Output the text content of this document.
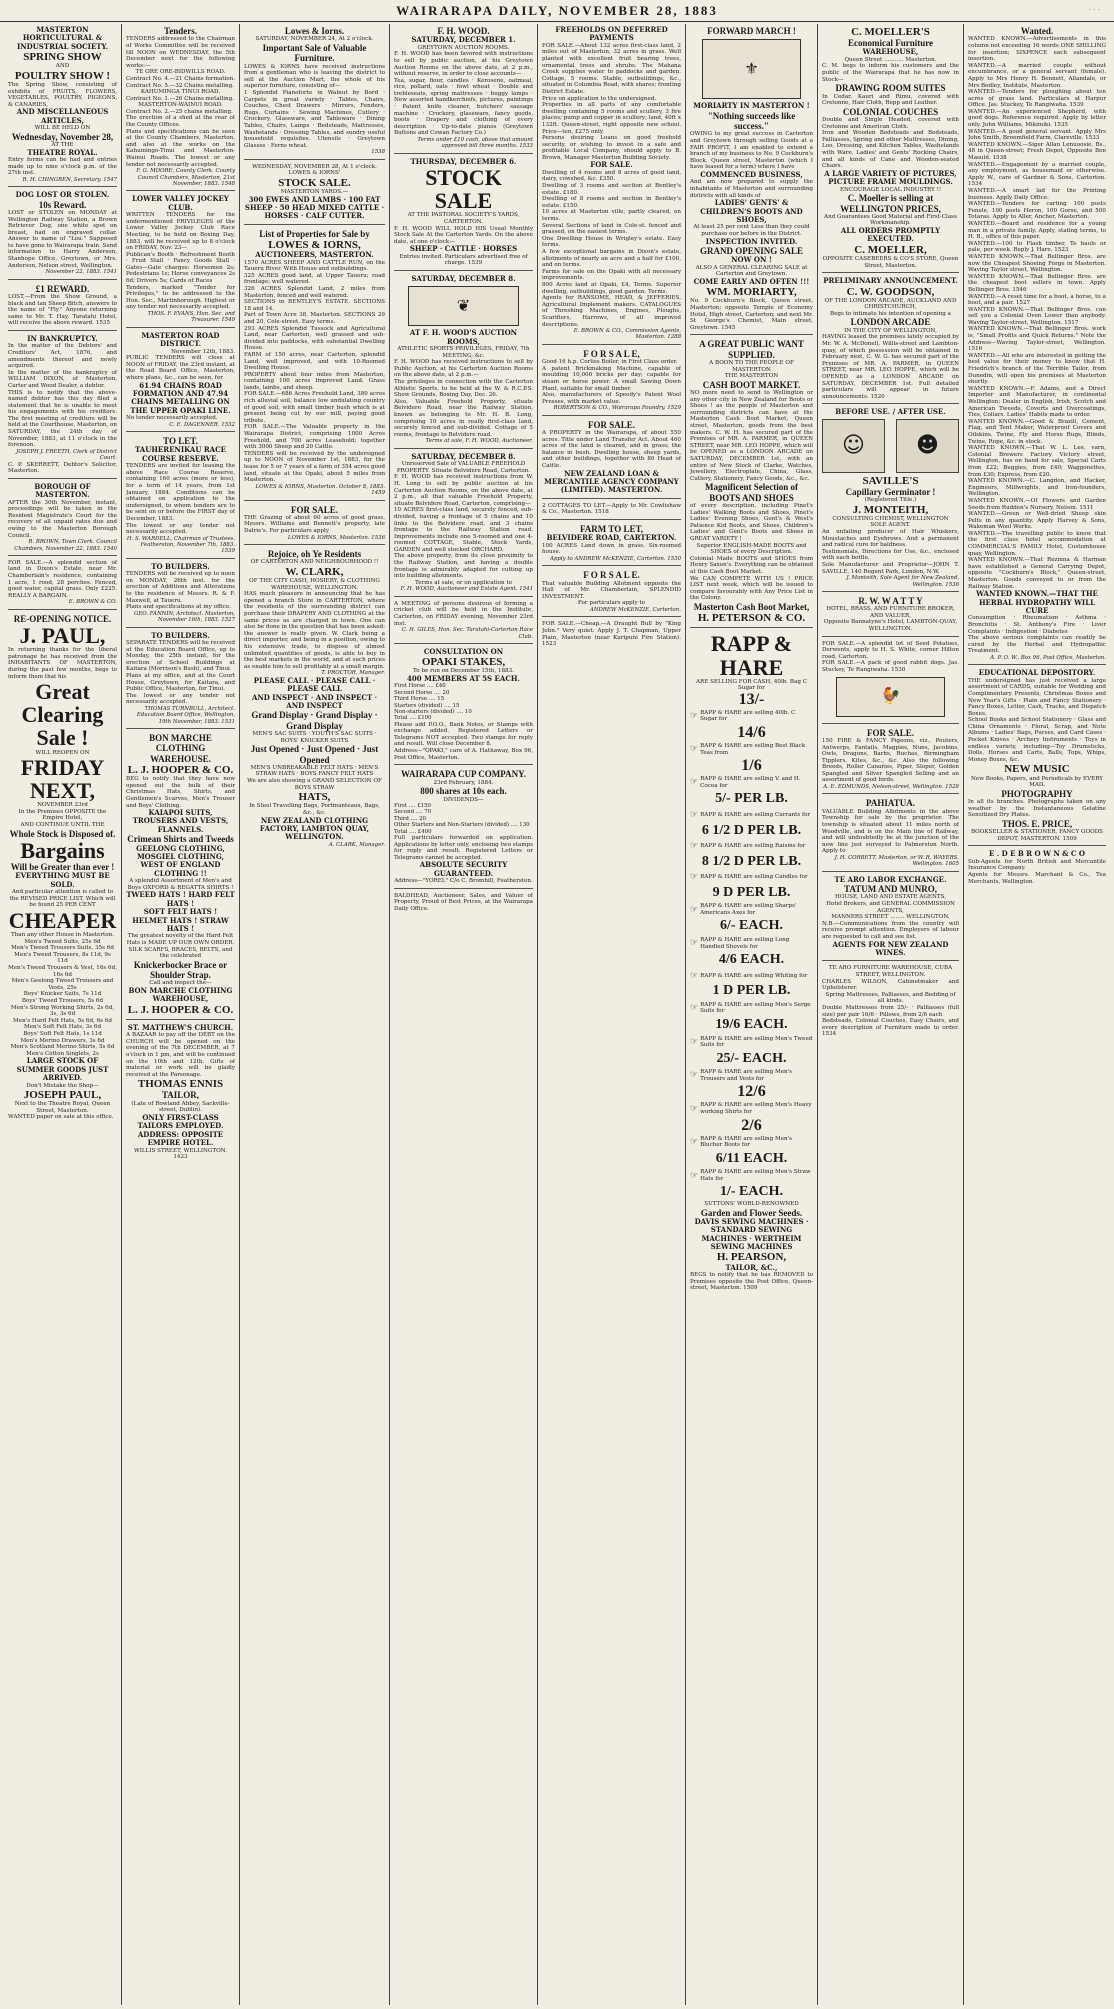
WAIRARAPA DAILY, NOVEMBER 28, 1883	· · ·
MASTERTON HORTICULTURAL & INDUSTRIAL SOCIETY.
SPRING SHOW
AND
POULTRY SHOW !
The Spring Show, consisting of exhibits of FRUITS, FLOWERS, VEGETABLES, POULTRY, PIGEONS, & CANARIES,
AND MISCELLANEOUS ARTICLES,
WILL BE HELD ON
Wednesday, November 28,
AT THE
THEATRE ROYAL.
Entry forms can be had and entries made up to nine o'clock p.m. of the 27th inst.
R. H. CHINGREN, Secretary. 1547
DOG LOST OR STOLEN.
10s Reward.
LOST or STOLEN on MONDAY at Wellington Railway Station, a Brown Retriever Dog, one white spot on breast, had on engraved collar. Answer to name of "Lou." Supposed to have gone to Wairarapa train. Send information to Harry Anderson, Stanhope Office, Greytown, or Mrs. Anderson, Nelson street, Wellington.
November 22, 1883. 1541
£1 REWARD.
LOST,—From the Show Ground, a black and tan Sheep Bitch, answers to the name of "Fly." Anyone returning same to Mr. T. Hay, Taratahi Hotel, will receive the above reward. 1535
IN BANKRUPTCY.
In the matter of the Debtors' and Creditors' Act, 1876, and amendments thereof and newly acquired.
In the matter of the bankruptcy of WILLIAM DIXON, of Masterton, Carter and Wood Dealer, a debtor.
THIS is to notify that the above-named debtor has this day filed a statement that he is unable to meet his engagements with his creditors. The first meeting of creditors will be held at the Courthouse, Masterton, on SATURDAY, the 24th day of November, 1883, at 11 o'clock in the forenoon.
JOSEPH J. FREETH, Clerk of District Court.
C. P. SKERRETT, Debtor's Solicitor, Masterton.
BOROUGH OF MASTERTON.
AFTER the 30th November, instant, proceedings will be taken in the Resident Magistrate's Court for the recovery of all unpaid rates due and owing to the Masterton Borough Council.
R. BROWN, Town Clerk. Council Chambers, November 22, 1883. 1540
FOR SALE.—A splendid section of land in Dixon's Estate, near Mr. Chamberlain's residence, containing 1 acre, 1 rood, 28 perches. Fenced, good water, capital grass. Only £225. REALLY A BARGAIN.
E. BROWN & CO.
RE-OPENING NOTICE.
J. PAUL,
In returning thanks for the liberal patronage he has received from the INHABITANTS OF MASTERTON, during the past few months, begs to inform them that his
Great Clearing Sale !
WILL REOPEN ON
FRIDAY NEXT,
NOVEMBER 23rd
In the Premises OPPOSITE the Empire Hotel,
AND CONTINUE UNTIL THE
Whole Stock is Disposed of.
Bargains
Will be Greater than ever !
EVERYTHING MUST BE SOLD.
And particular attention is called to the REVISED PRICE LIST, Which will be found 25 PER CENT
CHEAPER
Than any other House in Masterton.
Men's Tweed Suits, 25s 6d
Men's Tweed Trousers Suits, 35s 6d
Men's Tweed Trousers, 8s 11d, 9s 11d
Men's Tweed Trousers & Vest, 16s 6d, 16s 6d
Men's Geelong Tweed Trousers and Vests, 25s
Boys' Knicker Suits, 7s 11d
Boys' Tweed Trousers, 5s 6d
Men's Strong Working Shirts, 2s 6d, 3s, 3s 6d
Men's Hard Felt Hats, 5s 6d, 6s 6d
Men's Soft Felt Hats, 3s 6d
Boys' Soft Felt Hats, 1s 11d
Men's Merino Drawers, 3s 6d
Men's Scotland Merino Shirts, 5s 6d
Men's Cotton Singlets, 2s
LARGE STOCK OF SUMMER GOODS JUST ARRIVED.
Don't Mistake the Shop—
JOSEPH PAUL,
Next to the Theatre Royal, Queen Street, Masterton.
WANTED paper on sale at this office.
Tenders.
TENDERS addressed to the Chairman of Works Committee will be received till NOON on WEDNESDAY, the 5th December next for the following works:—
TE ORE ORE-BIDWILLS ROAD.
Contract No. 4.—21 Chains formation.
Contract No. 5.—32 Chains metalling.
KAHUMINGA TINUI ROAD.
Contract No. 1.—26 Chains metalling.
MASTERTON-WAINUI ROAD.
Contract No. 2.—25 chains metalling.
The erection of a shed at the rear of the County Offices.
Plans and specifications can be seen at the County Chambers, Masterton, and also at the works on the Kahumingo-Tinui and Masterton-Wainui Roads. The lowest or any tender not necessarily accepted.
F. G. MOORE, County Clerk. County Council Chambers, Masterton, 21st November, 1883. 1548
LOWER VALLEY JOCKEY CLUB.
WRITTEN TENDERS for the undermentioned PRIVILEGES of the Lower Valley Jockey Club Race Meeting, to be held on Boxing Day, 1883, will be received up to 8 o'clock on FRIDAY, Nov. 23—
Publican's Booth · Refreshment Booth · Fruit Stall · Fancy Goods Stall · Gates—Gate charges: Horsemen 2s; Pedestrians 1s; Horse conveyances 2s 6d; Drivers 5s; Cards of Races
Tenders, marked "Tender for Privileges," to be addressed to the Hon. Sec., Martinborough. Highest or any tender not necessarily accepted.
THOS. F. EVANS, Hon. Sec. and Treasurer. 1549
MASTERTON ROAD DISTRICT.
November 12th, 1883.
PUBLIC TENDERS will close at NOON of FRIDAY, the 23rd instant, at the Road Board Office, Masterton, where plans, &c., can be seen, for
61.94 CHAINS ROAD FORMATION AND 47.94 CHAINS METALLING ON THE UPPER OPAKI LINE.
No tender necessarily accepted.
C. E. DAGENNER. 1532
TO LET.
TAUHERENIKAU RACE COURSE RESERVE.
TENDERS are invited for leasing the above Race Course Reserve, containing 160 acres (more or less), for a term of 14 years, from 1st January, 1884. Conditions can be obtained on application to the undersigned, to whom tenders are to be sent on or before the FIRST day of December, 1883.
The lowest or any tender not necessarily accepted.
H. S. WARDELL, Chairman of Trustees. Featherston, November 7th, 1883. 1539
TO BUILDERS.
TENDERS will be received up to noon on MONDAY, 26th inst. for the erection of Additions and Alterations to the residence of Messrs. R. & F. Maxwell, at Taueru.
Plans and specifications at my office.
GEO. FANNIN, Architect. Masterton, November 16th, 1883. 1527
TO BUILDERS.
SEPARATE TENDERS will be received at the Education Board Office, up to Monday, the 25th instant, for the erection of School Buildings at Kaitara (Morrison's Bush), and Tinui.
Plans at my office, and at the Court House, Greytown, for Kaitara, and Public Office, Masterton, for Tinui.
The lowest or any tender not necessarily accepted.
THOMAS TURNBULL, Architect. Education Board Office, Wellington, 19th November, 1883. 1531
BON MARCHE CLOTHING WAREHOUSE.
L. J. HOOPER & CO.
BEG to notify that they have now opened out the bulk of their Christmas Hats, Shirts, and Gentlemen's Scarves, Men's Trouser and Boys' Clothing.
KAIAPOI SUITS, TROUSERS AND VESTS, FLANNELS.
Crimean Shirts and Tweeds
GEELONG CLOTHING, MOSGIEL CLOTHING, WEST OF ENGLAND CLOTHING !!
A splendid Assortment of Men's and Boys OXFORD & REGATTA SHIRTS !
TWEED HATS ! HARD FELT HATS !
SOFT FELT HATS ! HELMET HATS ! STRAW HATS !
The greatest novelty of the Hard Felt Hats is MADE UP OUR OWN ORDER.
SILK SCARFS, BRACES, BELTS, and the celebrated
Knickerbocker Brace or Shoulder Strap.
Call and inspect the—
BON MARCHE CLOTHING WAREHOUSE,
L. J. HOOPER & CO.
ST. MATTHEW'S CHURCH.
A BAZAAR to pay off the DEBT on the CHURCH will be opened on the evening of the 7th DECEMBER, at 7 o'clock in 1 pm, and will be continued on the 10th and 12th. Gifts of material or work will be gladly received at the Parsonage.
THOMAS ENNIS
TAILOR,
(Late of Rowland Abbey, Sackville-street, Dublin).
ONLY FIRST-CLASS TAILORS EMPLOYED. ADDRESS: OPPOSITE EMPIRE HOTEL.
WILLIS STREET, WELLINGTON. 1423
Lowes & Iorns.
SATURDAY, NOVEMBER 24, At 2 o'clock.
Important Sale of Valuable Furniture.
LOWES & IORNS have received instructions from a gentleman who is leaving the district to sell at the Auction Mart, the whole of his superior furniture, consisting of—
1 Splendid Pianoforte in Walnut by Bord · Carpets in great variety · Tables, Chairs, Couches, Chest Drawers · Mirrors, Fenders, Rugs, Curtains · Sewing Machines, Cutlery · Crockery, Glassware, and Tableware · Dining Tables, Chairs, Lamps · Bedsteads, Mattresses, Washstands · Dressing Tables, and sundry useful household requisites. Utensils · Greytown Glasses · Ferns wheat.
1538
WEDNESDAY, NOVEMBER 28, At 1 o'clock.
LOWES & IORNS'
STOCK SALE.
MASTERTON YARDS.—
300 EWES AND LAMBS · 100 FAT SHEEP · 50 HEAD MIXED CATTLE · HORSES · CALF CUTTER.
List of Properties for Sale by
LOWES & IORNS,
AUCTIONEERS, MASTERTON.
1570 ACRES SHEEP AND CATTLE RUN, on the Taueru River. With House and outbuildings.
325 ACRES good land, at Upper Taueru; road frontage; well watered.
326 ACRES Splendid Land, 2 miles from Masterton, fenced and well watered.
SECTIONS in BENTLEY'S ESTATE. SECTIONS 18 and 14.
Part of Town Acre 38, Masterton. SECTIONS 29 and 20, Cole-street. Easy terms.
293 ACRES Splendid Tussock and Agricultural Land, near Carterton, well grassed and sub-divided into paddocks, with substantial Dwelling House.
FARM of 150 acres, near Carterton, splendid Land, well improved, and with 10-Roomed Dwelling House.
PROPERTY about four miles from Masterton, containing 100 acres Improved Land. Grass lands, lambs, and sheep.
FOR SALE.—686 Acres Freehold Land, 380 acres rich alluvial soil, balance low undulating country of good soil, with small timber bush which is at present being cut by our mill, paying good tribute.
FOR SALE.—The Valuable property in the Wairarapa District, comprising 1000 Acres Freehold, and 700 acres Leasehold; together with 3000 Sheep and 20 Cattle.
TENDERS will be received by the undersigned up to NOON of November 1st, 1883, for the lease for 5 or 7 years of a farm of 354 acres good land, situate at the Opaki, about 5 miles from Masterton.
LOWES & IORNS, Masterton. October 8, 1883. 1459
FOR SALE.
THE Grazing of about 60 acres of good grass, Messrs. Williams and Bennett's property, late Dalrie's. For particulars apply
LOWES & IORNS, Masterton. 1536
Rejoice, oh Ye Residents
OF CARTERTON AND NEIGHBOURHOOD !!
W. CLARK,
OF THE CITY CASH, HOSIERY, & CLOTHING WAREHOUSE, WELLINGTON.
HAS much pleasure in announcing that he has opened a branch Store in CARTERTON, where the residents of the surrounding district can purchase their DRAPERY AND CLOTHING at the same prices as are charged in town. One can also be done in the question that has been asked: the answer is really given. W. Clark being a direct importer, and being in a position, owing to his extensive trade, to dispose of almost unlimited quantities of goods, is able to buy in the best markets in the world, and at such prices as enable him to sell profitably at a small margin.
T. PROCTOR, Manager.
PLEASE CALL · PLEASE CALL · PLEASE CALL
AND INSPECT · AND INSPECT · AND INSPECT
Grand Display · Grand Display · Grand Display
MEN'S SAC SUITS · YOUTH'S SAC SUITS · BOYS' KNICKER SUITS
Just Opened · Just Opened · Just Opened
MEN'S UNBREAKABLE FELT HATS · MEN'S STRAW HATS · BOYS FANCY FELT HATS
We are also showing a GRAND SELECTION OF BOYS STRAW
HATS,
In Steel Travelling Bags, Portmanteaux, Bags, &c., &c.
NEW ZEALAND CLOTHING FACTORY, LAMBTON QUAY, WELLINGTON.
A. CLARK, Manager.
F. H. WOOD.
SATURDAY, DECEMBER 1.
GREYTOWN AUCTION ROOMS.
F. H. WOOD has been favored with instructions to sell by public auction, at his Greytown Auction Rooms on the above date, at 2 p.m., without reserve, in order to close accounts—
Tea, sugar, flour, candles · Kerosene, oatmeal, rice, pollard, oats · fowl wheat · Double and trebleseats, spring mattresses · buggy lamps · New assorted handkerchiefs, pictures, paintings · Patent knife cleaner, butchers' sausage machine · Crockery, glassware, fancy goods, boots · Drapery and clothing of every description · Up-to-date pianos (Greytown Buttons and Cowan Factory Co.)
Terms under £10 cash, above that amount approved bill three months. 1533
THURSDAY, DECEMBER 6.
STOCK SALE
AT THE PASTORAL SOCIETY'S YARDS, CARTERTON.
F. H. WOOD WILL HOLD HIS Usual Monthly Stock Sale At the Carterton Yards. On the above date, at one o'clock—
SHEEP · CATTLE · HORSES
Entries invited. Particulars advertised free of charge. 1539
SATURDAY, DECEMBER 8.
❦
AT F. H. WOOD'S AUCTION ROOMS,
ATHLETIC SPORTS PRIVILEGES, FRIDAY, 7th MEETING, &c.
F. H. WOOD has received instructions to sell by Public Auction, at his Carterton Auction Rooms on the above date, at 2 p.m.—
The privileges in connection with the Carterton Athletic Sports, to be held at the W. & R.C.P.S. Show Grounds, Boxing Day, Dec. 26.
Also, Valuable Freehold Property, situate Belvidere Road, near the Railway Station, known as belonging to Mr. H. B. Long, comprising 10 acres in really first-class land, securely fenced and sub-divided. Cottage of 5 rooms, frontage to Belvidere road.
Terms at sale, F. H. WOOD, Auctioneer.
SATURDAY, DECEMBER 8.
Unreserved Sale of VALUABLE FREEHOLD PROPERTY. Situate Belvidere Road, Carterton.
F. H. WOOD has received instructions from W. H. Long to sell by public auction at his Carterton Auction Rooms, on the above date, at 2 p.m., all that valuable Freehold Property, situate Belvidere Road, Carterton, comprising—
10 ACRES first-class land, securely fenced, sub-divided, having a frontage of 5 chains and 10 links to the Belvidere road, and 3 chains frontage to the Railway Station road. Improvements include one 5-roomed and one 4-roomed COTTAGE, Stable, Stock Yards, GARDEN and well stocked ORCHARD.
The above property, from its close proximity to the Railway Station, and having a double frontage is admirably adapted for cutting up into building allotments.
Terms at sale, or on application to
F. H. WOOD, Auctioneer and Estate Agent. 1541
A MEETING of persons desirous of forming a cricket club will be held in the Institute, Carterton, on FRIDAY evening, November 23rd inst.
C. H. GILES, Hon. Sec. Taratahi-Carterton Race Club.
CONSULTATION ON
OPAKI STAKES,
To be run on December 15th, 1883.
400 MEMBERS AT 5S EACH.
First Horse .... £40
Second Horse .... 20
Third Horse .... 15
Starters (divided) .... 15
Non-starters (divided) .... 10
Total .... £100
Please add P.O.O., Bank Notes, or Stamps with exchange added. Registered Letters or Telegrams NOT accepted. Two stamps for reply and result. Will close December 8.
Address—"OPAKI," care of A. Hathaway, Box 96, Post Office, Masterton.
WAIRARAPA CUP COMPANY.
23rd February, 1884.
800 shares at 10s each.
DIVIDENDS—
First .... £150
Second .... 70
Third .... 20
Other Starters and Non-Starters (divided) .... 130
Total .... £400
Full particulars forwarded on application. Applications by letter only, enclosing two stamps for reply and result. Registered Letters or Telegrams cannot be accepted.
ABSOLUTE SECURITY GUARANTEED.
Address—"YOREL" C/o C. Bromhill, Featherston.
BALDHEAD, Auctioneer, Sales, and Valuer of Property, Proud of Best Prices, at the Wairarapa Daily Office.
FREEHOLDS ON DEFERRED PAYMENTS
FOR SALE.—About 132 acres first-class land, 2 miles out of Masterton, 32 acres in grass. Well planted with excellent fruit bearing trees, ornamental trees and shrubs. The Mahana Creek supplies water to paddocks and garden. Cottage, 5 rooms. Stable, outbuildings, &c., situated in Columbia Road, with shares; fronting District Estate.
Price on application to the undersigned.
Properties in all parts of any comfortable dwelling containing 5 rooms and scullery, 3 fire places; pump and copper in scullery; land, 40ft x 132ft. Queen-street, right opposite new school. Price—ten, £275 only.
Persons desiring Loans on good freehold security, or wishing to invest in a safe and profitable Local Company, should apply to B. Brown, Manager Masterton Building Society.
FOR SALE.
Dwelling of 4 rooms and 8 acres of good land, dairy, cowshed, &c. £350.
Dwelling of 3 rooms and section at Bentley's estate. £180.
Dwelling of 8 rooms and section in Bentley's estate. £150.
10 acres at Masterton ville, partly cleared, on terms.
Several Sections of land in Cole-st. fenced and grassed, on the easiest terms.
One Dwelling House in Wrigley's estate. Easy terms.
A few exceptional bargains in Dixon's estate, allotments of nearly an acre and a half for £100, and on terms.
Farms for sale on the Opaki with all necessary improvements.
800 Acres land at Opaki, £4, Terms. Superior dwelling, outbuildings, good garden. Terms.
Agents for RANSOME, HEAD, & JEFFERIES, Agricultural Implement makers. CATALOGUES of Threshing Machines, Engines, Ploughs, Scarifiers, Harrows, of all improved descriptions.
E. BROWN & CO., Commission Agents, Masterton. 1288
F O R S A L E,
Good 16 h.p. Corliss Boiler, in First Class order.
A patent Brickmaking Machine, capable of moulding 10,000 bricks per day; capable for steam or horse power. A small Sawing Down Plant, suitable for small timber.
Also, manufacturers of Speedy's Patent Wool Presses, with market value.
ROBERTSON & CO., Wairarapa Foundry. 1529
FOR SALE.
A PROPERTY in the Wairarapa, of about 550 acres. Title under Land Transfer Act. About 460 acres of the land is cleared, and in grass; the balance in bush. Dwelling house, sheep yards, and other buildings, together with 80 Head of Cattle.
NEW ZEALAND LOAN & MERCANTILE AGENCY COMPANY (LIMITED). MASTERTON.
2 COTTAGES TO LET.—Apply to Mr. Cowlishaw & Co., Masterton. 1518
FARM TO LET,
BELVIDERE ROAD, CARTERTON.
100 ACRES Land down in grass. Six-roomed house.
Apply to ANDREW McKENZIE, Carterton. 1530
F O R S A L E.
That valuable Building Allotment opposite the Hall of Mr. Chamberlain, SPLENDID INVESTMENT.
For particulars apply to
ANDREW McKENZIE, Carterton.
FOR SALE.—Cheap.—A Draught Bull by "King John." Very quiet. Apply J. T. Chapman, Upper Plain, Masterton (near Kuripuni Fire Station). 1523
FORWARD MARCH !
⚜
MORIARTY IN MASTERTON !
"Nothing succeeds like success."
OWING to my great success in Carterton and Greytown through selling Goods at a FAIR PROFIT, I am enabled to extend a branch of my business to No. 9 Cockburn's Block, Queen street, Masterton (which I have leased for a term) where I have
COMMENCED BUSINESS,
And am now prepared to supply the inhabitants of Masterton and surrounding districts with all kinds of
LADIES' GENTS' & CHILDREN'S BOOTS AND SHOES,
At least 25 per cent Less than they could purchase our before in the District.
INSPECTION INVITED.
GRAND OPENING SALE
NOW ON !
ALSO A GENERAL CLEARING SALE at Carterton and Greytown.
COME EARLY AND OFTEN !!!
WM. MORIARTY,
No. 9 Cockburn's Block, Queen street, Masterton; opposite Temple of Economy Hotel, High street, Carterton; and next Mr. St George's Chemist, Main street, Greytown. 1545
A GREAT PUBLIC WANT SUPPLIED.
A BOON TO THE PEOPLE OF MASTERTON
THE MASTERTON
CASH BOOT MARKET.
NO more need to send to Wellington or any other city in New Zealand for Boots or Shoes ! as the people of Masterton and surrounding districts can have at the Masterton Cash Boot Market, Queen street, Masterton, goods from the best makers. C. W. H. has secured part of the Premises of MR. A. PARMER, in QUEEN STREET, near MR. LEO HOPPE, which will be OPENED as a LONDON ARCADE on SATURDAY, DECEMBER 1st, with an entire of New Stock of Clarke, Watches, Jewellery, Electroplate, China, Glass, Cutlery, Stationery, Fancy Goods, &c., &c.
Magnificent Selection of BOOTS AND SHOES
of every description, including Pinet's Ladies' Walking Boots and Shoes, Pinet's Ladies' Evening Shoes, Gent's & West's Patience Kid Boots, and Shoes, Children's Ladies' and Gent's Boots and Shoes in GREAT VARIETY !
Superior ENGLISH-MADE BOOTS and SHOES of every Description.
Colonial Made BOOTS and SHOES from Henry Saxon's. Everything can be obtained at this Cash Boot Market.
We CAN COMPETE WITH US ! PRICE LIST next week, which will be issued to compare favourably with Any Price List in the Colony.
Masterton Cash Boot Market,
H. PETERSON & CO.
RAPP & HARE
ARE SELLING FOR CASH, 40lb. Bag C Sugar for
13/-
☞ RAPP & HARE are selling 40lb. C Sugar for
14/6
☞ RAPP & HARE are selling Best Black Teas from
1/6
☞ RAPP & HARE are selling V. and H. Cocoa for
5/- PER LB.
☞ RAPP & HARE are selling Currants for
6 1/2 D PER LB.
☞ RAPP & HARE are selling Raisins for
8 1/2 D PER LB.
☞ RAPP & HARE are selling Candles for
9 D PER LB.
☞ RAPP & HARE are selling Sharps' Americans Axes for
6/- EACH.
☞ RAPP & HARE are selling Long Handled Shovels for
4/6 EACH.
☞ RAPP & HARE are selling Whiting for
1 D PER LB.
☞ RAPP & HARE are selling Men's Serge Suits for
19/6 EACH.
☞ RAPP & HARE are selling Men's Tweed Suits for
25/- EACH.
☞ RAPP & HARE are selling Men's Trousers and Vests for
12/6
☞ RAPP & HARE are selling Men's Heavy working Shirts for
2/6
☞ RAPP & HARE are selling Men's Blucher Boots for
6/11 EACH.
☞ RAPP & HARE are selling Men's Straw Hats for
1/- EACH.
SUTTONS' WORLD-RENOWNED
Garden and Flower Seeds.
DAVIS SEWING MACHINES · STANDARD SEWING MACHINES · WERTHEIM SEWING MACHINES
H. PEARSON,
TAILOR, &C.,
BEGS to notify that he has REMOVED to Premises opposite the Post Office, Queen-street, Masterton. 1509
C. MOELLER'S
Economical Furniture
WAREHOUSE,
Queen Street ........... Masterton.
C. M. begs to inform his customers and the public of the Wairarapa that he has now in Stock—
DRAWING ROOM SUITES
In Cedar, Kauri and Rimu, covered with Cretonne, Hair Cloth, Repp and Leather.
COLONIAL COUCHES
Double and Single Headed, covered with Cretonne and American Cloth.
Iron and Wooden Bedsteads and Bedsteads, Palliasses, Spring and other Mattresses, Dining, Loo, Dressing, and Kitchen Tables, Washstands with Ware, Ladies' and Gents' Rocking Chairs, and all kinds of Cane and Wooden-seated Chairs.
A LARGE VARIETY OF PICTURES, PICTURE FRAME MOULDINGS.
ENCOURAGE LOCAL INDUSTRY !!
C. Moeller is selling at WELLINGTON PRICES,
And Guarantees Good Material and First-Class Workmanship.
ALL ORDERS PROMPTLY EXECUTED.
C. MOELLER,
OPPOSITE CASEBEERS & CO'S STORE, Queen Street, Masterton.
PRELIMINARY ANNOUNCEMENT.
C. W. GOODSON,
OF THE LONDON ARCADE, AUCKLAND AND CHRISTCHURCH,
Begs to intimate his intention of opening a
LONDON ARCADE
IN THE CITY OF WELLINGTON,
HAVING leased the premises lately occupied by Mr. W. A. McDonell, Willis-street and Lambton-quay, of which possession will be obtained in February next, C. W. G. has secured part of the Premises of MR. A. PARMER, in QUEEN STREET, near MR. LEO HOPPE, which will be OPENED as a LONDON ARCADE on SATURDAY, DECEMBER 1st. Full detailed particulars will appear in future announcements. 1520
BEFORE USE. / AFTER USE.
☺	☻
SAVILLE'S
Capillary Germinator !
(Registered Title.)
J. MONTEITH,
CONSULTING CHEMIST, WELLINGTON
SOLE AGENT.
An unfailing producer of Hair Whiskers, Moustaches and Eyebrows. And a permanent and radical cure for baldness.
Testimonials, Directions for Use, &c., enclosed with each bottle.
Sole Manufacturer and Proprietor—JOHN T. SAVILLE, 140 Regent Park, London, N.W.
J. Monteith, Sole Agent for New Zealand, Wellington. 1536
R. W. W A T T Y
HOTEL, BRASS, AND FURNITURE BROKER, AND VALUER,
Opposite Bannatyne's Hotel, LAMBTON-QUAY, WELLINGTON.
FOR SALE.—A splendid lot of Seed Potatoes, Derwents, apply to H. S. White, corner Hilton road, Carterton.
FOR SALE.—A pack of good rabbit dogs. Jas. Stuckey, Te Rangiwaha. 1530
🐓
FOR SALE.
150 FIRE & FANCY Pigeons, viz., Pouters, Antwerps, Fantails, Magpies, Nuns, Jacobins, Owls, Dragons, Barbs, Ruchas, Birmingham Tipplers, Kites, &c., &c. Also the following Breeds, Roller Canaries, Piper, Sloper, Golden Spangled and Silver Spangled Selling and an assortment of good birds.
A. E. EDMUNDS, Nelson-street, Wellington. 1528
PAHIATUA.
VALUABLE Building Allotments in the above Township for sale by the proprietor. The township is situated about 11 miles north of Woodville, and is on the Main line of Railway, and will undoubtedly be at the junction of the new line just surveyed to Palmerston North. Apply to
J. H. CORBETT, Masterton, or W. R. WAYERS, Wellington. 1605
TE ARO LABOR EXCHANGE.
TATUM AND MUNRO,
HOUSE, LAND AND ESTATE AGENTS,
Hotel Brokers, and GENERAL COMMISSION AGENTS,
MANNERS STREET ........ WELLINGTON.
N.B.—Communications from the country will receive prompt attention. Employers of labour are requested to call and see list.
AGENTS FOR NEW ZEALAND WINES.
TE ARO FURNITURE WAREHOUSE, CUBA STREET, WELLINGTON.
CHARLES WILSON, Cabinetmaker and Upholsterer.
Spring Mattresses, Palliasses, and Bedding of all kinds.
Double Mattresses from 25/- · Palliasses (full size) per pair 16/6 · Pillows, from 2/6 each
Bedsteads, Colonial Couches, Easy Chairs, and every description of Furniture made to order. 1534
Wanted.
WANTED KNOWN.—Advertisements in this column not exceeding 16 words ONE SHILLING for insertion; SIXPENCE each subsequent insertion.
WANTED.—A married couple without encumbrance, or a general servant (female). Apply to Mrs Henry H. Bennett, Allandale, or Mrs Bodley, Institute, Masterton.
WANTED.—Tenders for ploughing about ten acres of grass land. Particulars at Harpur Office. Jas. Stuckey, Te Rangiwaha. 1539
WANTED.—An experienced Shepherd, with good dogs. Reference required. Apply by letter only. John Williams, Mikimiki. 1535
WANTED.—A good general servant. Apply Mrs John Smith, Broomfield Farm, Clareville. 1533
WANTED KNOWN.—Siger Allan Lenuoosie, Bs., 48 in Queen-street; Fresh Depot, Opposite Ben Masuld. 1538
WANTED.—Engagement by a married couple, any employment, as housemaid or otherwise. Apply W., care of Gardner & Sons, Carterton. 1534
WANTED.—A smart lad for the Printing business. Apply Daily Office.
WANTED.—Tenders for carting 100 posts Fenele, 100 posts Heron, 100 Gorse, and 500 Totaras. Apply to Aller, Ancher, Masterton.
WANTED.—Board and residence for a young man in a private family. Apply, stating terms, to H. B., office of this paper.
WANTED.—100 to Flash timber, Te hauls or pale, per week. Reply J. Hare. 1523
WANTED KNOWN.—That Bellinger Bros. are now the Cheapest Shoeing Forge in Masterton. Waving Taylor street, Wellington.
WANTED KNOWN.—That Bellinger Bros. are the cheapest boot sellers in town. Apply Bellinger Bros. 1546
WANTED.—A reset time for a boot, a horse, to a boot, and a pair. 1527
WANTED KNOWN.—That Bellinger Bros. can sell you a Colonial Oven Lower than anybody. Waving Taylor-street, Wellington. 1517
WANTED KNOWN.—That Bellinger Bros. work is, "Small Profits and Quick Returns." Note the Address—Waving Taylor-street, Wellington. 1516
WANTED.—All who are interested in getting the best value for their money to know that H. Friedrich's branch of the Terrible Tailor, from Dunedin, will open his premises at Masterton shortly.
WANTED KNOWN.—F. Adams, and a Direct Importer and Manufacturer, in continental Wellington; Dealer in English, Irish, Scotch and American Tweeds, Coverts and Overcoatings, Ties, Collars. Ladies' Habits made to order.
WANTED KNOWN.—Good & Brazill, Cement, Flag, and Tent Maker, Waterproof Covers and Oilskins. Twine, Fly and Horse Rugs, Blinds, Twine, Rope, &c. in stock.
WANTED KNOWN.—That W. L. Lee, varn, Colonial Brewers Factory Victory street, Wellington, has on hand for sale, Special Carts from £22; Buggies, from £40; Waggonettes, from £30; Express, from £20.
WANTED KNOWN.—C. Langdon, and Hacker, Engineers, Millwrights, and Iron-founders, Wellington.
WANTED KNOWN.—Of Flowers and Garden Seeds from Rudden's Nursery, Nelson. 1511
WANTED.—Green or Well-dried Sheep skin Pelts in any quantity. Apply Harvey & Sons, Wakeman Wool Works.
WANTED.—The travelling public to know that the first class hotel accommodation at COMMERCIAL'S FAMILY Hotel, Customhouse quay, Wellington.
WANTED KNOWN.—That Rezinna & Harman have established a General Carrying Depot, opposite "Cockburn's Block," Queen-street, Masterton. Goods conveyed to or from the Railway Station.
WANTED KNOWN.—THAT THE HERBAL HYDROPATHY WILL CURE
Consumption · Rheumatism · Asthma · Bronchitis · St. Anthony's Fire · Liver Complaints · Indigestion · Diabetes
The above serious complaints can readily be cured by the Herbal and Hydropathic Treatment.
A. P. O. W., Box 96, Post Office, Masterton.
EDUCATIONAL DEPOSITORY.
THE undersigned has just received a large assortment of CARDS, suitable for Wedding and Complimentary Presents, Christmas Boxes and New Year's Gifts · Plain and Fancy Stationery · Fancy Boxes, Letter, Cash, Tracks, and Dispatch Boxes.
School Books and School Stationery · Glass and China Ornaments · Floral, Scrap, and Note Albums · Ladies' Bags, Purses, and Card Cases · Pocket Knives · Archery Instruments · Toys in endless variety, including—Toy Drumsticks, Dolls, Horses and Carts, Balls, Tops, Whips, Money Boxes, &c.
NEW MUSIC
New Books, Papers, and Periodicals by EVERY MAIL
PHOTOGRAPHY
In all its branches. Photographs taken on any weather by the Instantaneous Gelatine Sensitized Dry Plates.
THOS. E. PRICE,
BOOKSELLER & STATIONER, FANCY GOODS DEPOT, MASTERTON. 1509
E . D E B R O W N & C O
Sub-Agents for North British and Mercantile Insurance Company.
Agents for Messrs. Marchant & Co., Tea Merchants, Wellington.
